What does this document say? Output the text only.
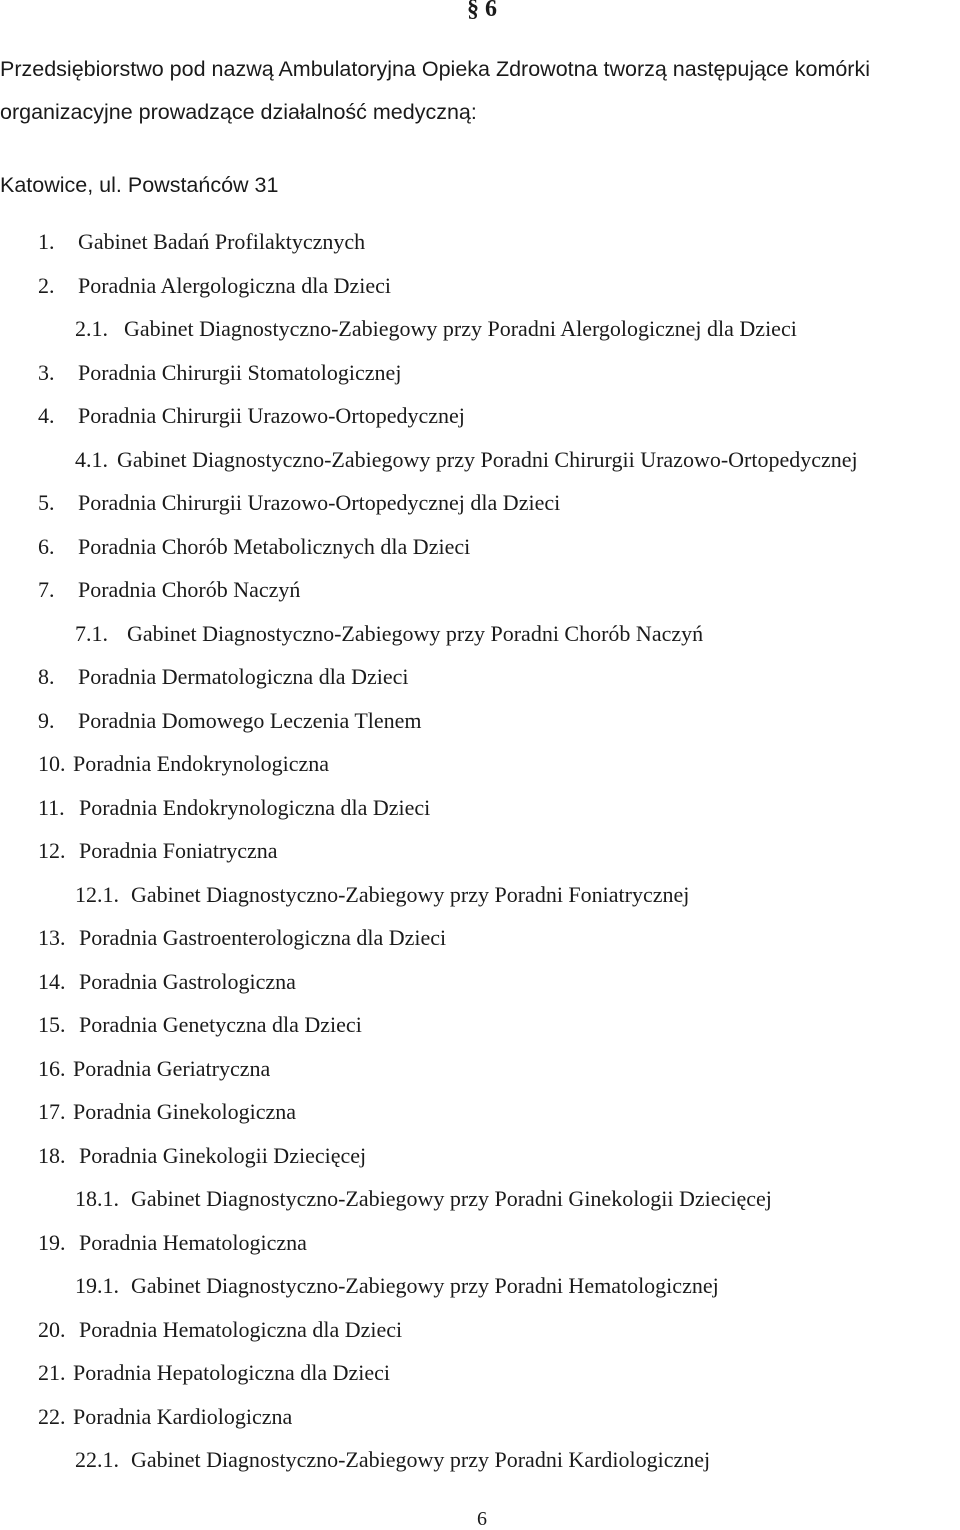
§ 6
Przedsiębiorstwo pod nazwą Ambulatoryjna Opieka Zdrowotna tworzą następujące komórki
organizacyjne prowadzące działalność medyczną:
Katowice, ul. Powstańców 31
1. Gabinet Badań Profilaktycznych
2. Poradnia Alergologiczna dla Dzieci
2.1. Gabinet Diagnostyczno-Zabiegowy przy Poradni Alergologicznej dla Dzieci
3. Poradnia Chirurgii Stomatologicznej
4. Poradnia Chirurgii Urazowo-Ortopedycznej
4.1. Gabinet Diagnostyczno-Zabiegowy przy Poradni Chirurgii Urazowo-Ortopedycznej
5. Poradnia Chirurgii Urazowo-Ortopedycznej dla Dzieci
6. Poradnia Chorób Metabolicznych dla Dzieci
7. Poradnia Chorób Naczyń
7.1. Gabinet Diagnostyczno-Zabiegowy przy Poradni Chorób Naczyń
8. Poradnia Dermatologiczna dla Dzieci
9. Poradnia Domowego Leczenia Tlenem
10. Poradnia Endokrynologiczna
11. Poradnia Endokrynologiczna dla Dzieci
12. Poradnia Foniatryczna
12.1. Gabinet Diagnostyczno-Zabiegowy przy Poradni Foniatrycznej
13. Poradnia Gastroenterologiczna dla Dzieci
14. Poradnia Gastrologiczna
15. Poradnia Genetyczna dla Dzieci
16. Poradnia Geriatryczna
17. Poradnia Ginekologiczna
18. Poradnia Ginekologii Dziecięcej
18.1. Gabinet Diagnostyczno-Zabiegowy przy Poradni Ginekologii Dziecięcej
19. Poradnia Hematologiczna
19.1. Gabinet Diagnostyczno-Zabiegowy przy Poradni Hematologicznej
20. Poradnia Hematologiczna dla Dzieci
21. Poradnia Hepatologiczna dla Dzieci
22. Poradnia Kardiologiczna
22.1. Gabinet Diagnostyczno-Zabiegowy przy Poradni Kardiologicznej
6
